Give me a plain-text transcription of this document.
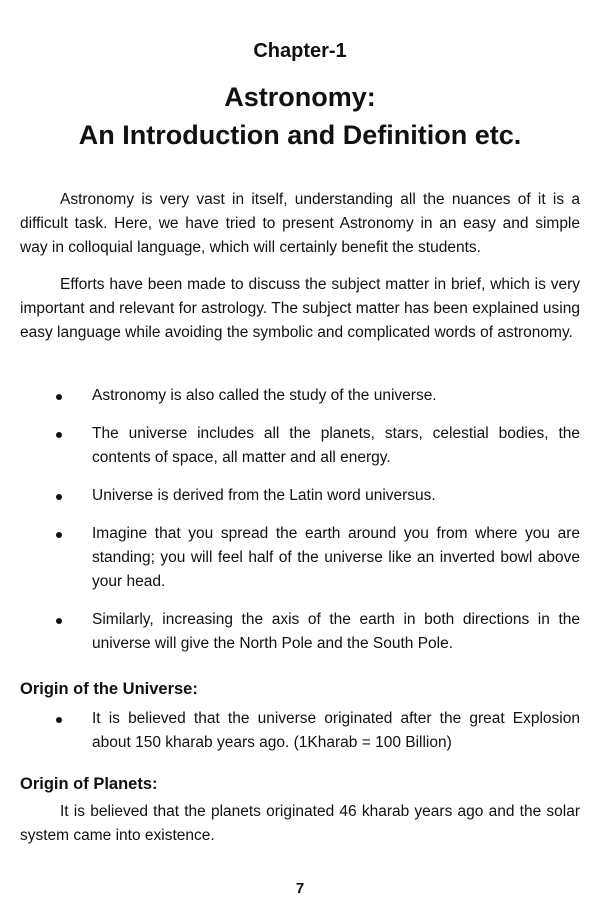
Chapter-1
Astronomy:
An Introduction and Definition etc.

Astronomy is very vast in itself, understanding all the nuances of it is a difficult task. Here, we have tried to present Astronomy in an easy and simple way in colloquial language, which will certainly benefit the students.

Efforts have been made to discuss the subject matter in brief, which is very important and relevant for astrology. The subject matter has been explained using easy language while avoiding the symbolic and complicated words of astronomy.

Astronomy is also called the study of the universe.
The universe includes all the planets, stars, celestial bodies, the contents of space, all matter and all energy.
Universe is derived from the Latin word universus.
Imagine that you spread the earth around you from where you are standing; you will feel half of the universe like an inverted bowl above your head.
Similarly, increasing the axis of the earth in both directions in the universe will give the North Pole and the South Pole.
Origin of the Universe:
It is believed that the universe originated after the great Explosion about 150 kharab years ago. (1Kharab = 100 Billion)
Origin of Planets:

It is believed that the planets originated 46 kharab years ago and the solar system came into existence.

7
